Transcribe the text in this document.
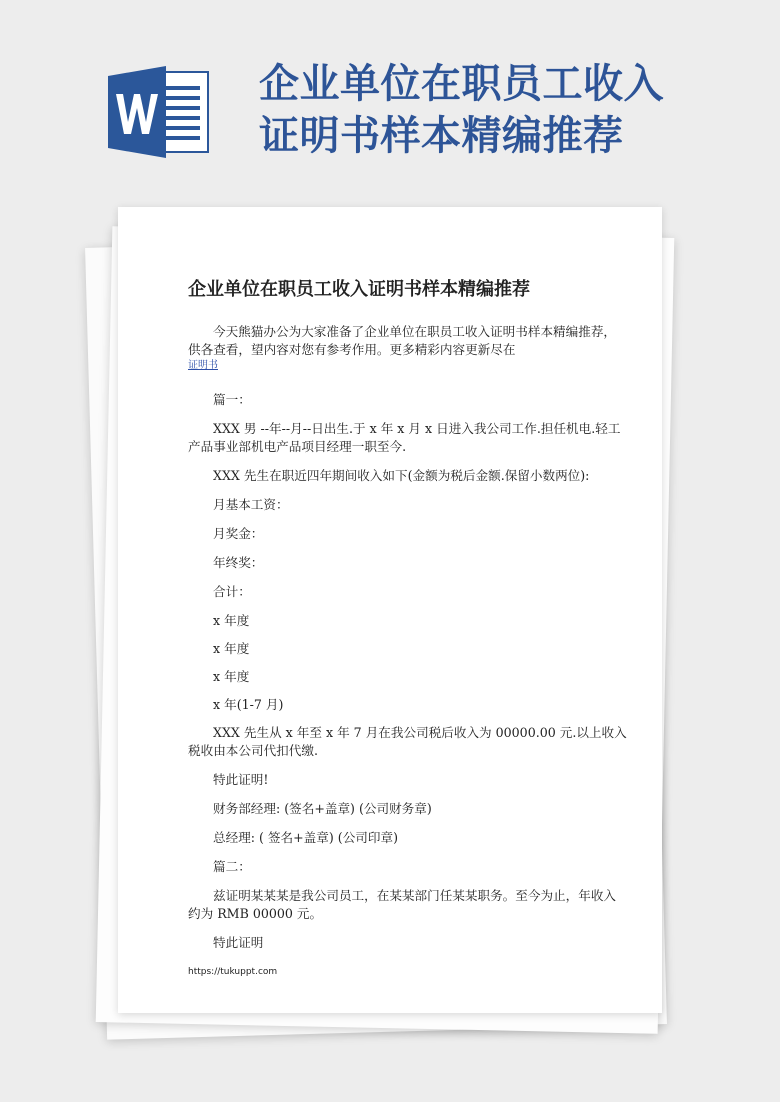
企业单位在职员工收入
证明书样本精编推荐
企业单位在职员工收入证明书样本精编推荐

今天熊猫办公为大家准备了企业单位在职员工收入证明书样本精编推荐，供各查看，望内容对您有参考作用。更多精彩内容更新尽在

证明书

篇一：

XXX 男 --年--月--日出生.于 x 年 x 月 x 日进入我公司工作.担任机电.轻工产品事业部机电产品项目经理一职至今.

XXX 先生在职近四年期间收入如下(金额为税后金额.保留小数两位):

月基本工资：

月奖金：

年终奖：

合计：

x 年度

x 年度

x 年度

x 年(1-7 月)

XXX 先生从 x 年至 x 年 7 月在我公司税后收入为 00000.00 元.以上收入税收由本公司代扣代缴.

特此证明!

财务部经理: (签名+盖章) (公司财务章)

总经理: ( 签名+盖章) (公司印章)

篇二：

兹证明某某某是我公司员工，在某某部门任某某职务。至今为止，年收入约为 RMB 00000 元。

特此证明

https://tukuppt.com
